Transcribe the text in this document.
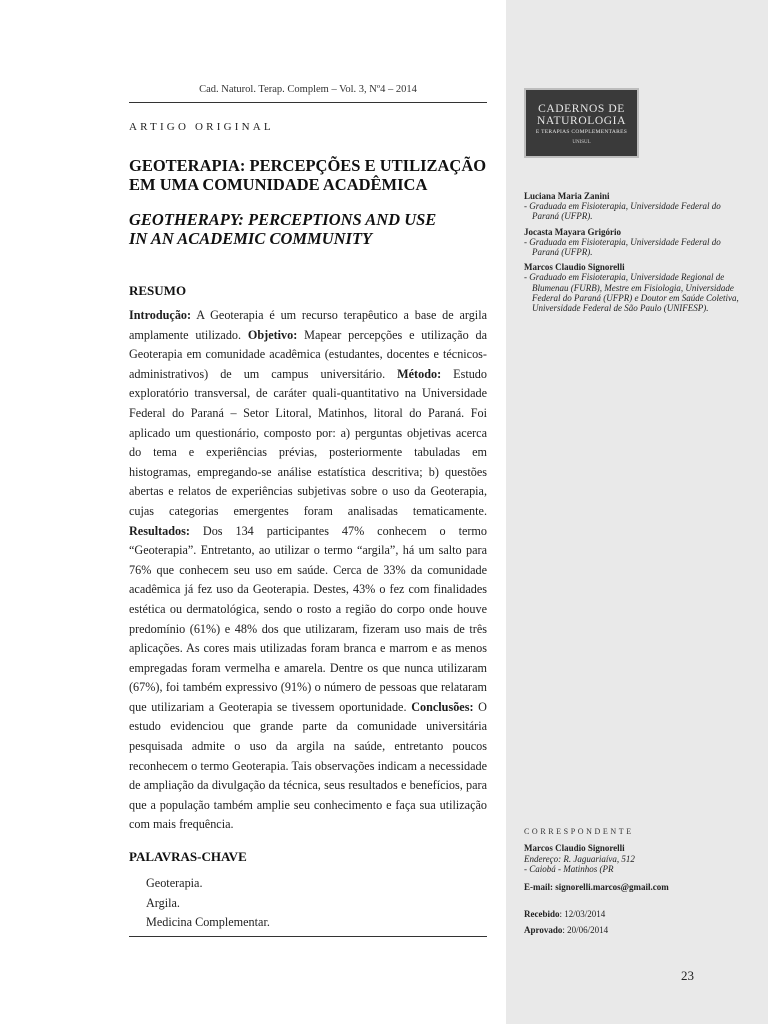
Cad. Naturol. Terap. Complem – Vol. 3, Nº4 – 2014
ARTIGO ORIGINAL
GEOTERAPIA: PERCEPÇÕES E UTILIZAÇÃO
EM UMA COMUNIDADE ACADÊMICA
GEOTHERAPY: PERCEPTIONS AND USE
IN AN ACADEMIC COMMUNITY
RESUMO
Introdução: A Geoterapia é um recurso terapêutico a base de argila amplamente utilizado. Objetivo: Mapear percepções e utilização da Geoterapia em comunidade acadêmica (estudantes, docentes e técnicos-administrativos) de um campus universitário. Método: Estudo exploratório transversal, de caráter quali-quantitativo na Universidade Federal do Paraná – Setor Litoral, Matinhos, litoral do Paraná. Foi aplicado um questionário, composto por: a) perguntas objetivas acerca do tema e experiências prévias, posteriormente tabuladas em histogramas, empregando-se análise estatística descritiva; b) questões abertas e relatos de experiências subjetivas sobre o uso da Geoterapia, cujas categorias emergentes foram analisadas tematicamente. Resultados: Dos 134 participantes 47% conhecem o termo “Geoterapia”. Entretanto, ao utilizar o termo “argila”, há um salto para 76% que conhecem seu uso em saúde. Cerca de 33% da comunidade acadêmica já fez uso da Geoterapia. Destes, 43% o fez com finalidades estética ou dermatológica, sendo o rosto a região do corpo onde houve predomínio (61%) e 48% dos que utilizaram, fizeram uso mais de três aplicações. As cores mais utilizadas foram branca e marrom e as menos empregadas foram vermelha e amarela. Dentre os que nunca utilizaram (67%), foi também expressivo (91%) o número de pessoas que relataram que utilizariam a Geoterapia se tivessem oportunidade. Conclusões: O estudo evidenciou que grande parte da comunidade universitária pesquisada admite o uso da argila na saúde, entretanto poucos reconhecem o termo Geoterapia. Tais observações indicam a necessidade de ampliação da divulgação da técnica, seus resultados e benefícios, para que a população também amplie seu conhecimento e faça sua utilização com mais frequência.
PALAVRAS-CHAVE
Geoterapia.
Argila.
Medicina Complementar.
CADERNOS DE
NATUROLOGIA
E TERAPIAS COMPLEMENTARES
UNISUL
Luciana Maria Zanini
- Graduada em Fisioterapia, Universidade Federal do Paraná (UFPR).
Jocasta Mayara Grigório
- Graduada em Fisioterapia, Universidade Federal do Paraná (UFPR).
Marcos Claudio Signorelli
- Graduado em Fisioterapia, Universidade Regional de Blumenau (FURB), Mestre em Fisiologia, Universidade Federal do Paraná (UFPR) e Doutor em Saúde Coletiva, Universidade Federal de São Paulo (UNIFESP).
CORRESPONDENTE
Marcos Claudio Signorelli
Endereço: R. Jaguariaíva, 512
- Caiobá - Matinhos (PR
E-mail: signorelli.marcos@gmail.com
Recebido: 12/03/2014
Aprovado: 20/06/2014
23
